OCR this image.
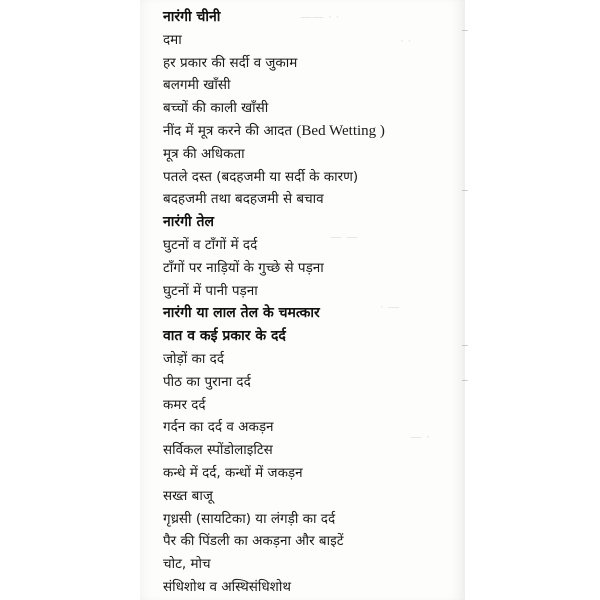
—— · ·
· ·
— —
· —
— ·
नारंगी चीनी
दमा
हर प्रकार की सर्दी व जुकाम
बलगमी खाँसी
बच्चों की काली खाँसी
नींद में मूत्र करने की आदत (Bed Wetting )
मूत्र की अधिकता
पतले दस्त (बदहजमी या सर्दी के कारण)
बदहजमी तथा बदहजमी से बचाव
नारंगी तेल
घुटनों व टाँगों में दर्द
टाँगों पर नाड़ियों के गुच्छे से पड़ना
घुटनों में पानी पड़ना
नारंगी या लाल तेल के चमत्कार
वात व कई प्रकार के दर्द
जोड़ों का दर्द
पीठ का पुराना दर्द
कमर दर्द
गर्दन का दर्द व अकड़न
सर्विकल स्पोंडोलाइटिस
कन्धे में दर्द, कन्धों में जकड़न
सख्त बाजू
गृध्रसी (सायटिका) या लंगड़ी का दर्द
पैर की पिंडली का अकड़ना और बाइटें
चोट, मोच
संधिशोथ व अस्थिसंधिशोथ
